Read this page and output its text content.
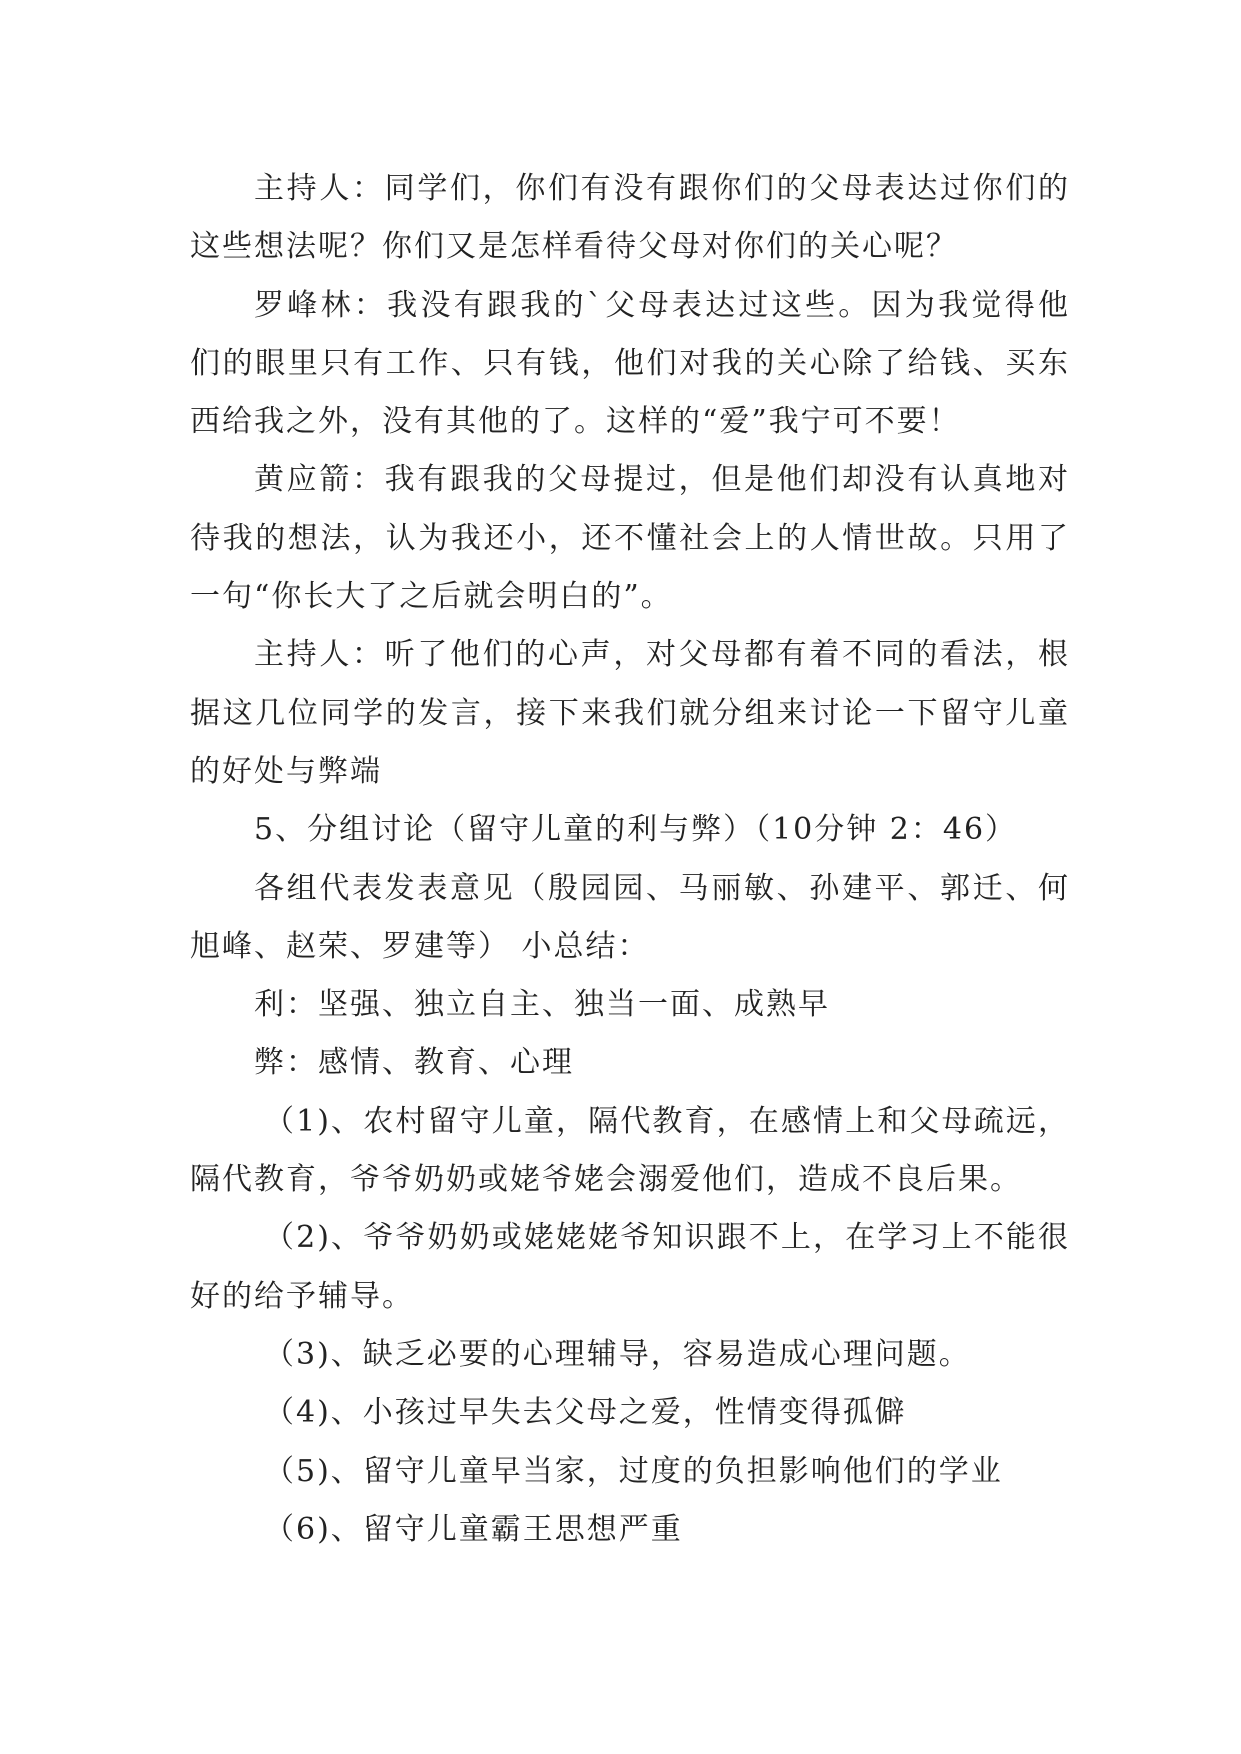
主持人：同学们，你们有没有跟你们的父母表达过你们的这些想法呢？你们又是怎样看待父母对你们的关心呢？

罗峰林：我没有跟我的`父母表达过这些。因为我觉得他们的眼里只有工作、只有钱，他们对我的关心除了给钱、买东西给我之外，没有其他的了。这样的“爱”我宁可不要！

黄应箭：我有跟我的父母提过，但是他们却没有认真地对待我的想法，认为我还小，还不懂社会上的人情世故。只用了一句“你长大了之后就会明白的”。

主持人：听了他们的心声，对父母都有着不同的看法，根据这几位同学的发言，接下来我们就分组来讨论一下留守儿童的好处与弊端

5、分组讨论（留守儿童的利与弊）（10分钟 2：46）

各组代表发表意见（殷园园、马丽敏、孙建平、郭迁、何旭峰、赵荣、罗建等） 小总结：

利：坚强、独立自主、独当一面、成熟早

弊：感情、教育、心理

（1)、农村留守儿童，隔代教育，在感情上和父母疏远，隔代教育，爷爷奶奶或姥爷姥会溺爱他们，造成不良后果。

（2)、爷爷奶奶或姥姥姥爷知识跟不上，在学习上不能很好的给予辅导。

（3)、缺乏必要的心理辅导，容易造成心理问题。

（4)、小孩过早失去父母之爱，性情变得孤僻

（5)、留守儿童早当家，过度的负担影响他们的学业

（6)、留守儿童霸王思想严重
